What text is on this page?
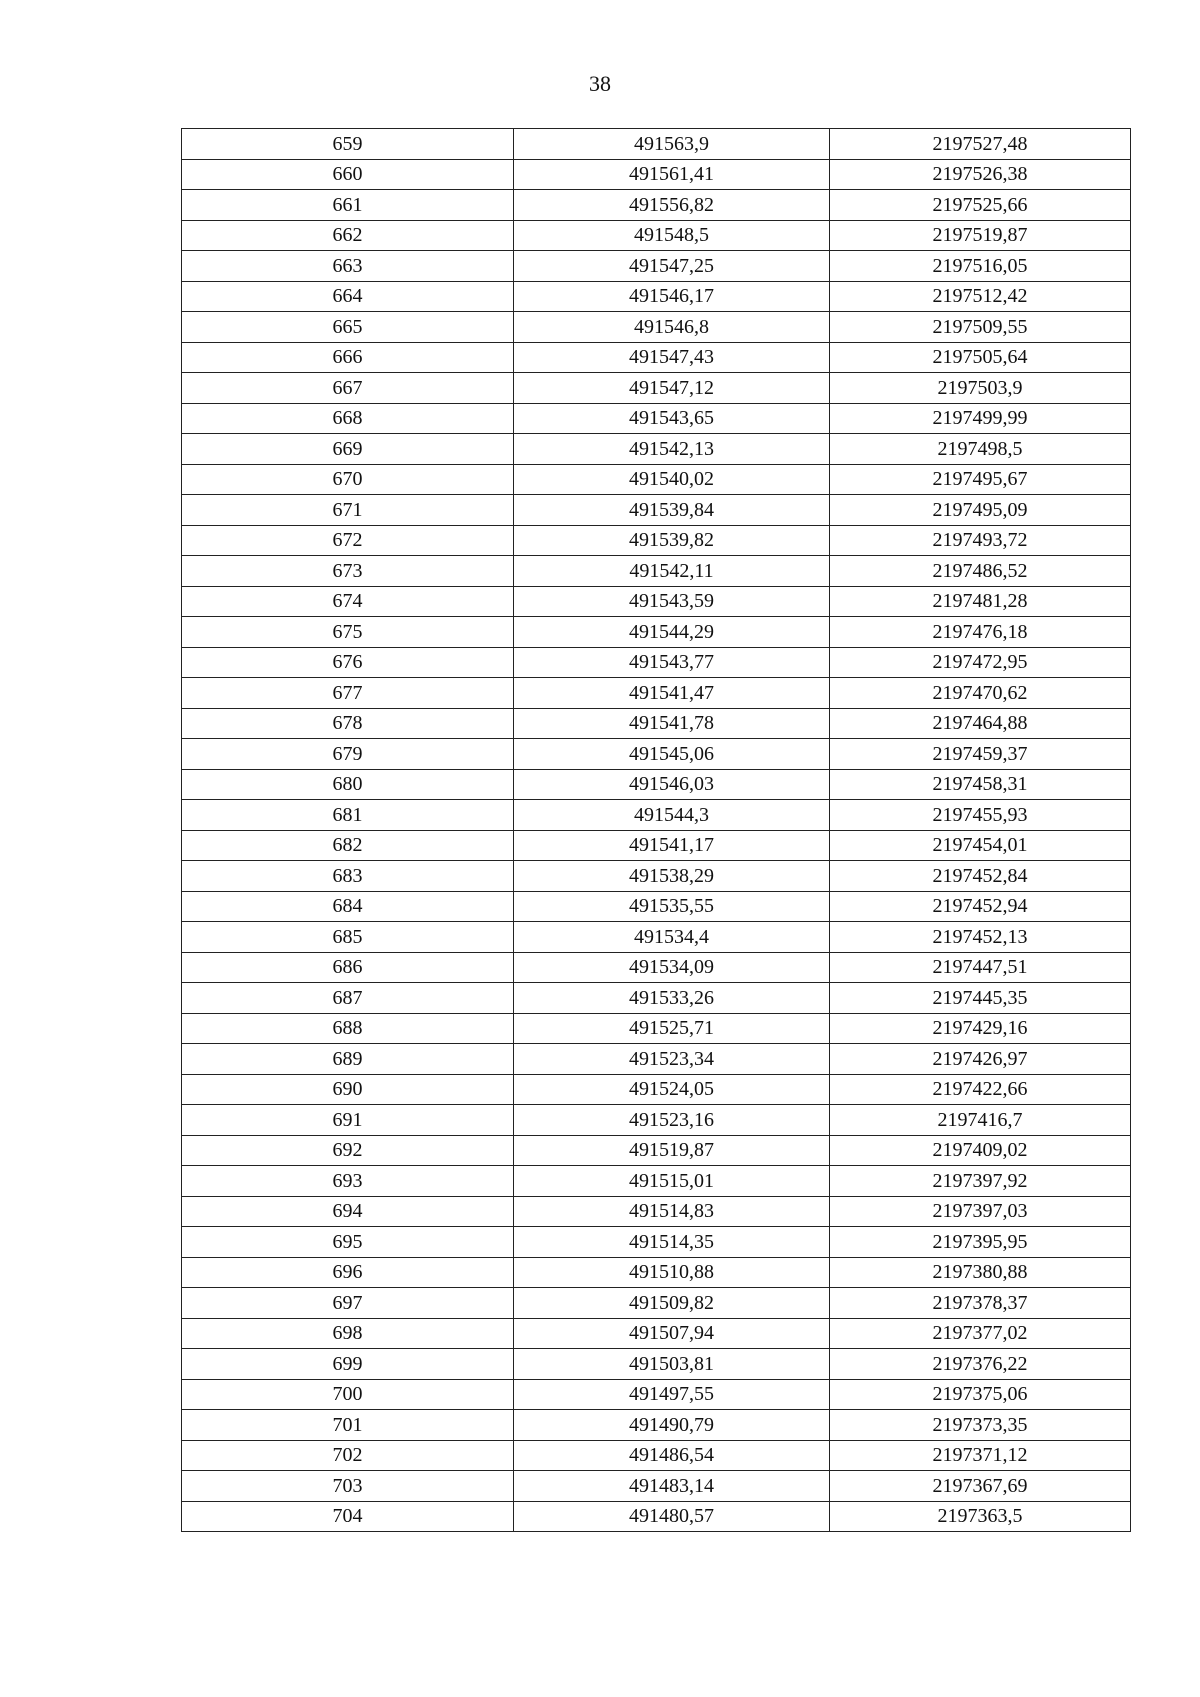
38
659	491563,9	2197527,48
660	491561,41	2197526,38
661	491556,82	2197525,66
662	491548,5	2197519,87
663	491547,25	2197516,05
664	491546,17	2197512,42
665	491546,8	2197509,55
666	491547,43	2197505,64
667	491547,12	2197503,9
668	491543,65	2197499,99
669	491542,13	2197498,5
670	491540,02	2197495,67
671	491539,84	2197495,09
672	491539,82	2197493,72
673	491542,11	2197486,52
674	491543,59	2197481,28
675	491544,29	2197476,18
676	491543,77	2197472,95
677	491541,47	2197470,62
678	491541,78	2197464,88
679	491545,06	2197459,37
680	491546,03	2197458,31
681	491544,3	2197455,93
682	491541,17	2197454,01
683	491538,29	2197452,84
684	491535,55	2197452,94
685	491534,4	2197452,13
686	491534,09	2197447,51
687	491533,26	2197445,35
688	491525,71	2197429,16
689	491523,34	2197426,97
690	491524,05	2197422,66
691	491523,16	2197416,7
692	491519,87	2197409,02
693	491515,01	2197397,92
694	491514,83	2197397,03
695	491514,35	2197395,95
696	491510,88	2197380,88
697	491509,82	2197378,37
698	491507,94	2197377,02
699	491503,81	2197376,22
700	491497,55	2197375,06
701	491490,79	2197373,35
702	491486,54	2197371,12
703	491483,14	2197367,69
704	491480,57	2197363,5
